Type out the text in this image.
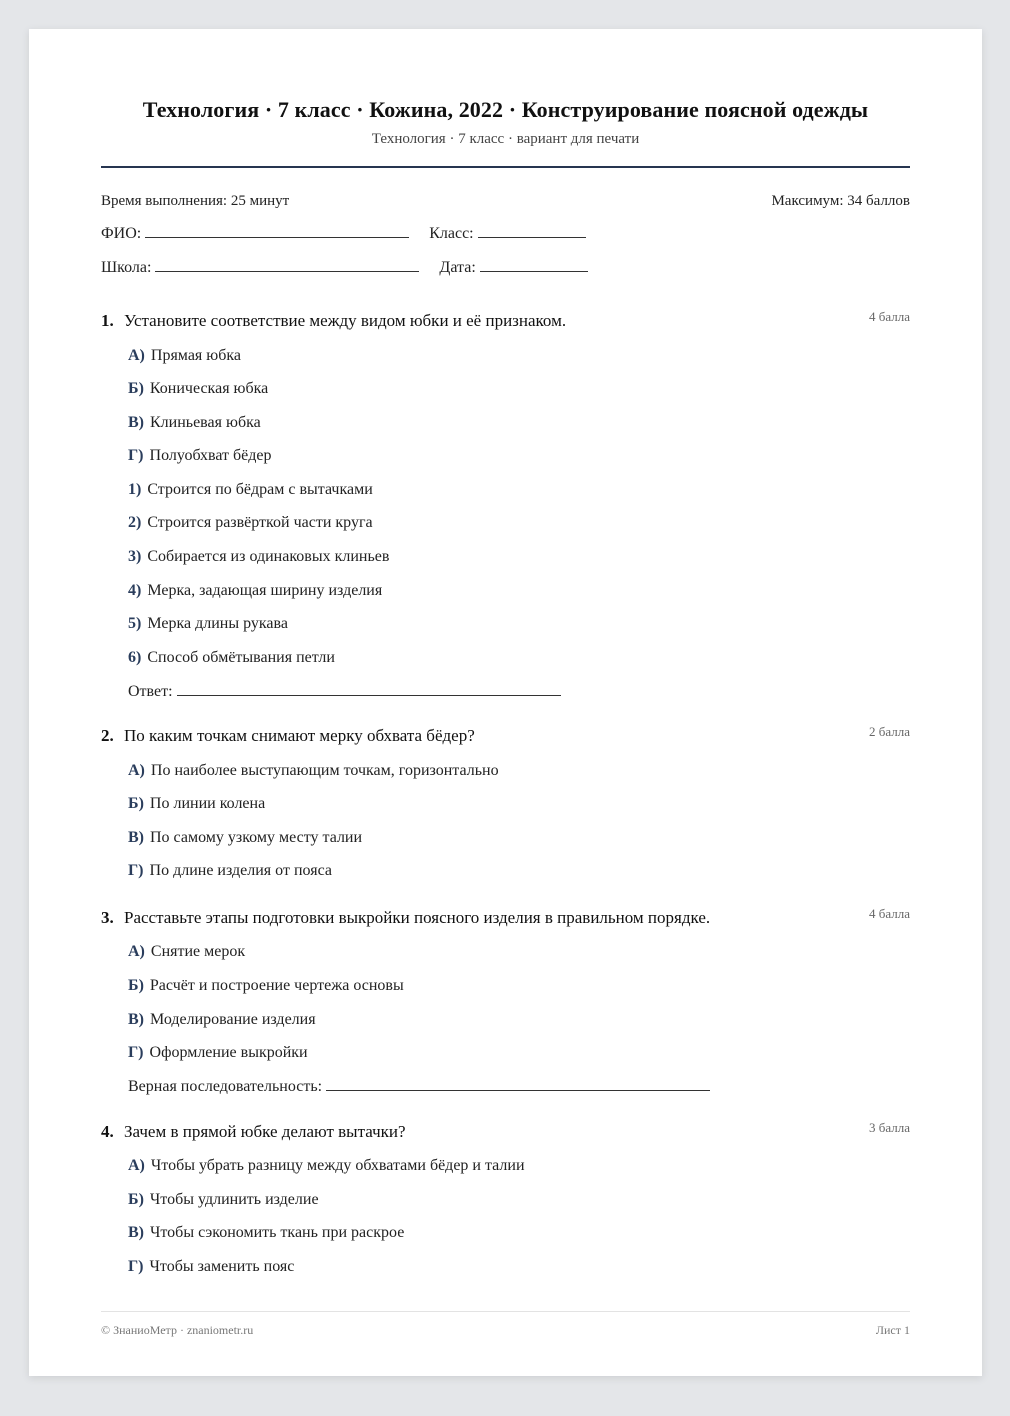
Технология · 7 класс · Кожина, 2022 · Конструирование поясной одежды
Технология · 7 класс · вариант для печати
Время выполнения: 25 минут	Максимум: 34 баллов
ФИО:	Класс:
Школа:	Дата:
1. Установите соответствие между видом юбки и её признаком.	4 балла
А) Прямая юбка
Б) Коническая юбка
В) Клиньевая юбка
Г) Полуобхват бёдер
1) Строится по бёдрам с вытачками
2) Строится развёрткой части круга
3) Собирается из одинаковых клиньев
4) Мерка, задающая ширину изделия
5) Мерка длины рукава
6) Способ обмётывания петли
Ответ:
2. По каким точкам снимают мерку обхвата бёдер?	2 балла
А) По наиболее выступающим точкам, горизонтально
Б) По линии колена
В) По самому узкому месту талии
Г) По длине изделия от пояса
3. Расставьте этапы подготовки выкройки поясного изделия в правильном порядке.	4 балла
А) Снятие мерок
Б) Расчёт и построение чертежа основы
В) Моделирование изделия
Г) Оформление выкройки
Верная последовательность:
4. Зачем в прямой юбке делают вытачки?	3 балла
А) Чтобы убрать разницу между обхватами бёдер и талии
Б) Чтобы удлинить изделие
В) Чтобы сэкономить ткань при раскрое
Г) Чтобы заменить пояс
© ЗнаниоМетр · znaniometr.ru	Лист 1
